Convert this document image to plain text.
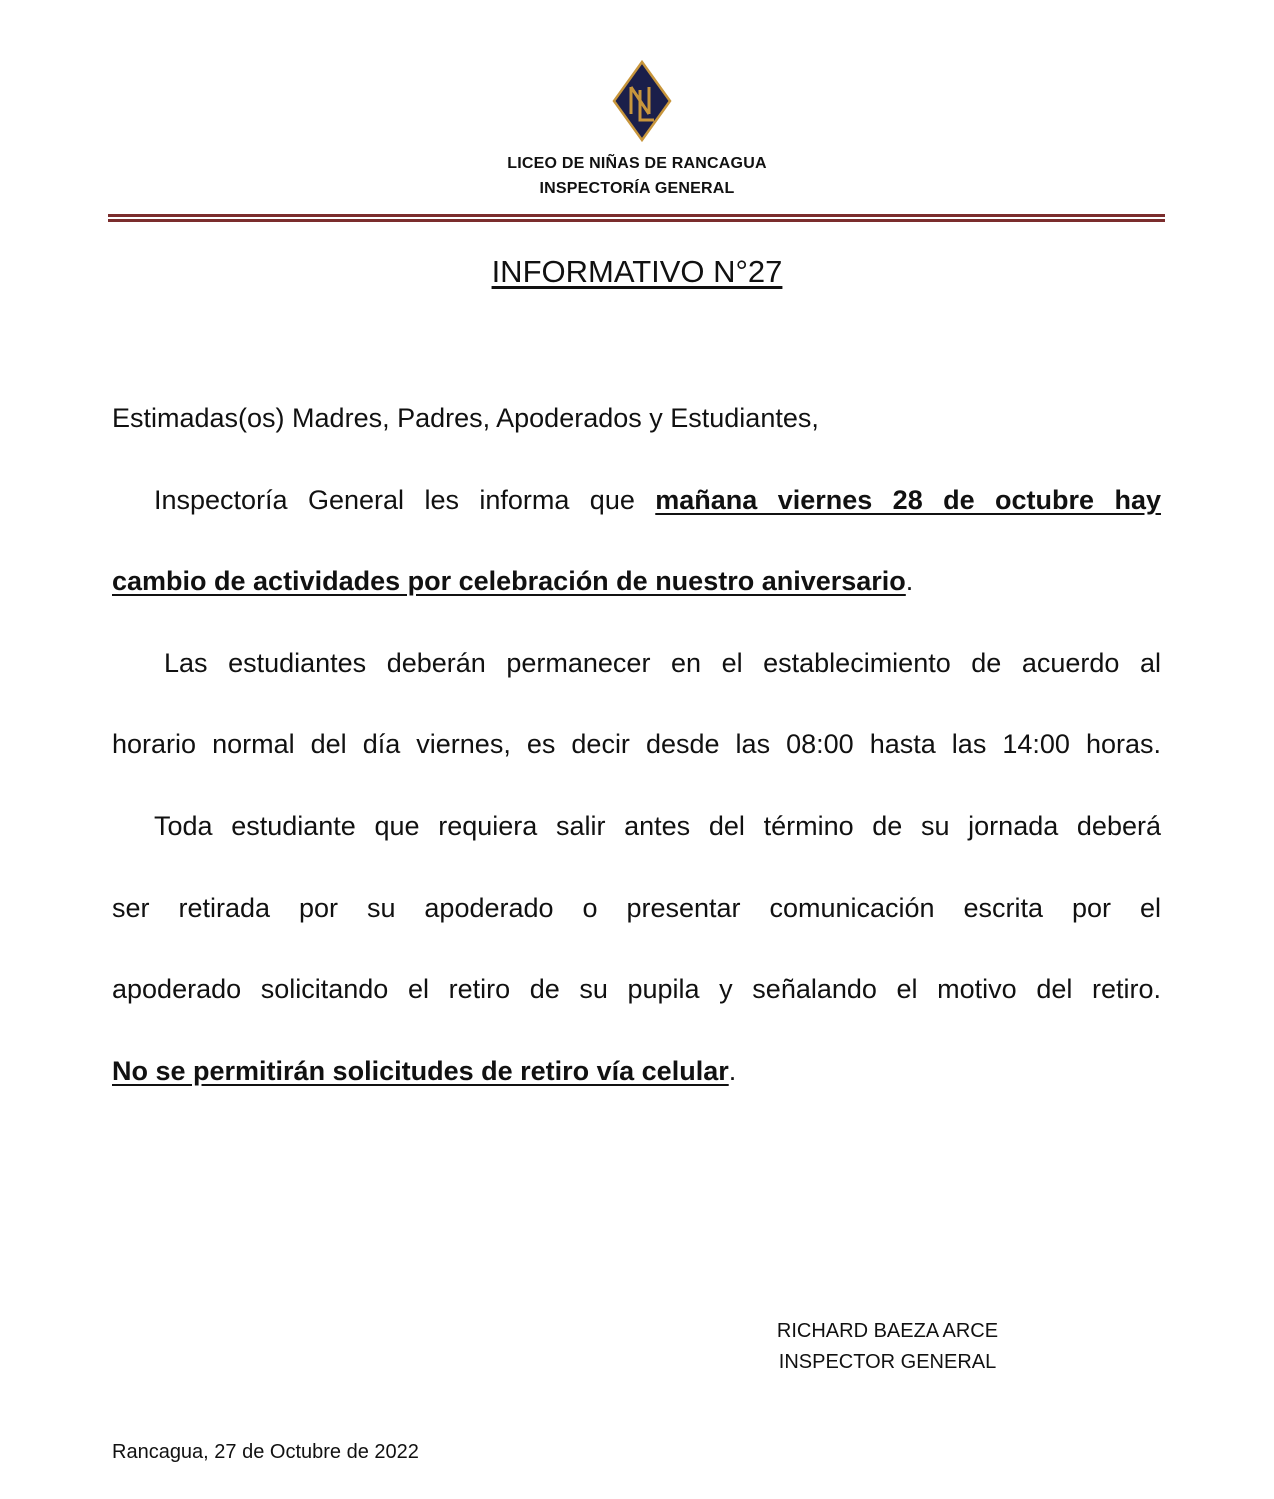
LICEO DE NIÑAS DE RANCAGUA
INSPECTORÍA GENERAL
INFORMATIVO N°27
Estimadas(os) Madres, Padres, Apoderados y Estudiantes,
Inspectoría General les informa que mañana viernes 28 de octubre hay
cambio de actividades por celebración de nuestro aniversario.
Las estudiantes deberán permanecer en el establecimiento de acuerdo al
horario normal del día viernes, es decir desde las 08:00 hasta las 14:00 horas.
Toda estudiante que requiera salir antes del término de su jornada deberá
ser retirada por su apoderado o presentar comunicación escrita por el
apoderado solicitando el retiro de su pupila y señalando el motivo del retiro.
No se permitirán solicitudes de retiro vía celular.
RICHARD BAEZA ARCE
INSPECTOR GENERAL
Rancagua, 27 de Octubre de 2022
